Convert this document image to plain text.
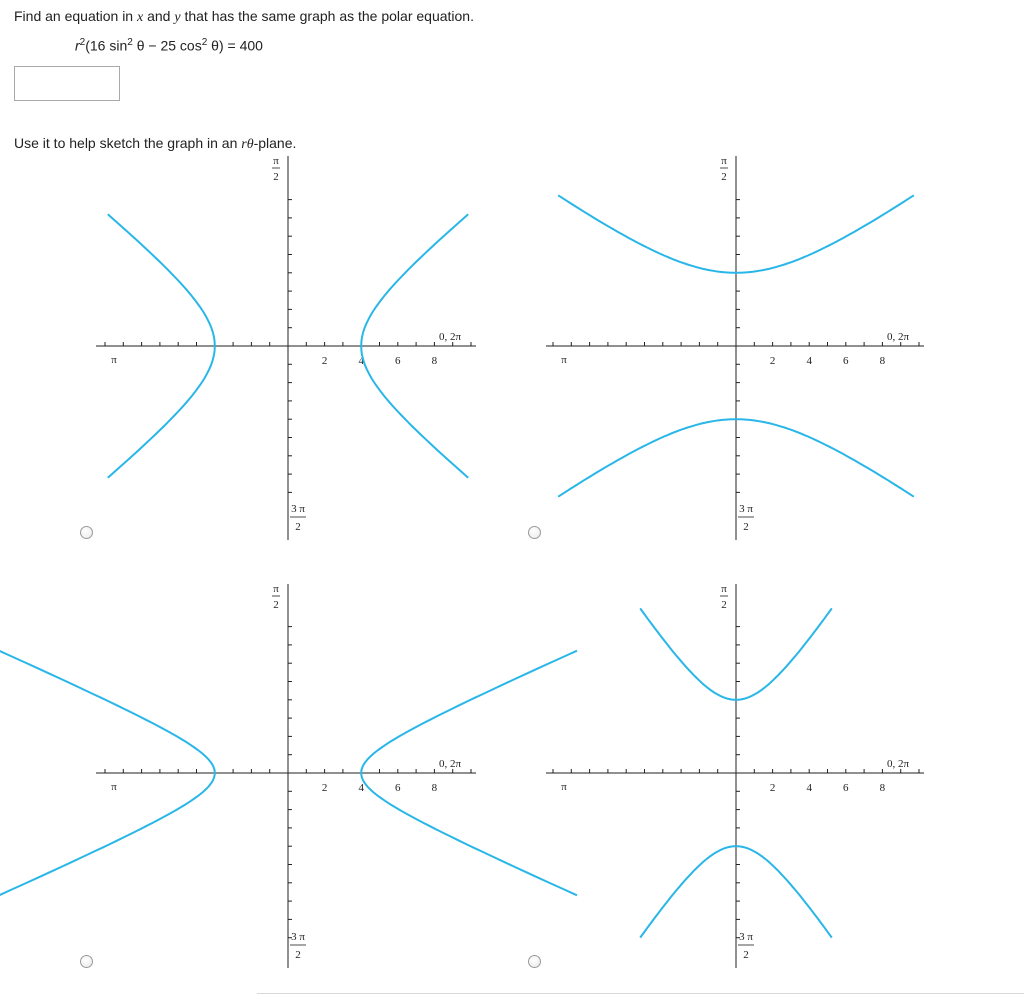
Find an equation in x and y that has the same graph as the polar equation.
$r^2(16$ $\sin^2 \theta - 25$ $\cos^2 \theta) = 400$
Use it to help sketch the graph in an rθ-plane.
2	4	6	8
π
0, 2π
π
2
3 π
2
2	4	6	8
π
0, 2π
π
2
3 π
2
2	4	6	8
π
0, 2π
π
2
3 π
2
2	4	6	8
π
0, 2π
π
2
3 π
2
